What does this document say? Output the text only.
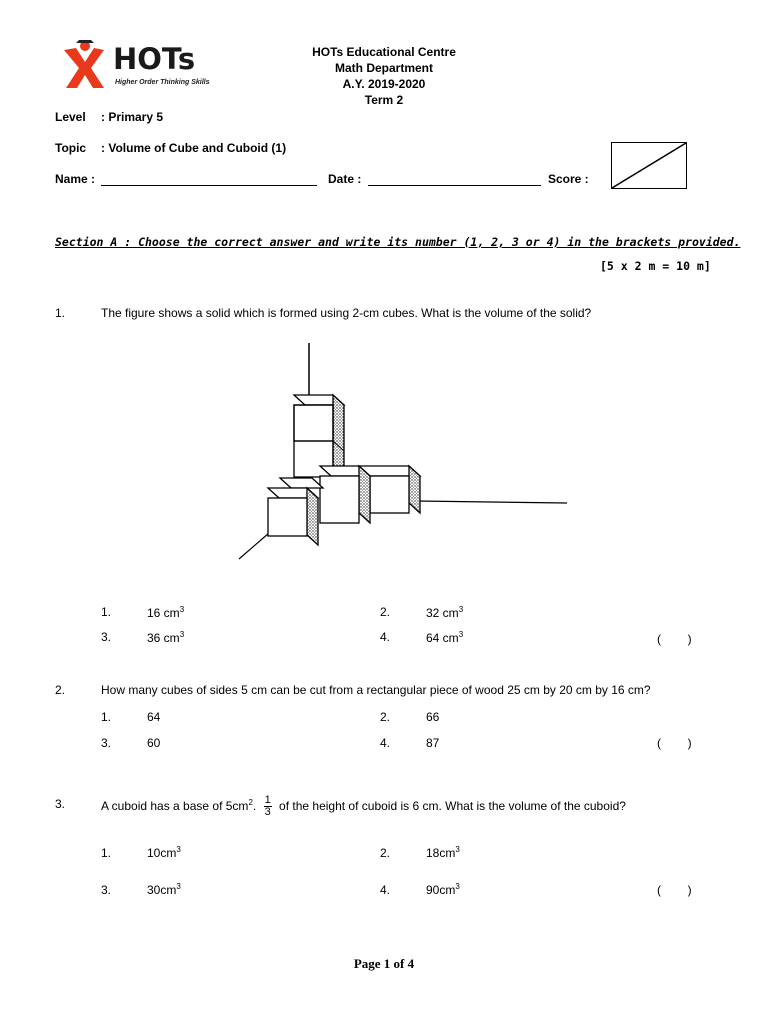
HOTs
Higher Order Thinking Skills
HOTs Educational Centre
Math Department
A.Y. 2019-2020
Term 2
Level : Primary 5
Topic : Volume of Cube and Cuboid (1)
Name :	Date :	Score :
Section A : Choose the correct answer and write its number (1, 2, 3 or 4) in the brackets provided.
[5 x 2 m = 10 m]
1.	The figure shows a solid which is formed using 2-cm cubes. What is the volume of the solid?
1.	16 $cm^3$	2.	32 $cm^3$
3.	36 $cm^3$	4.	64 $cm^3$	(        )
2.	How many cubes of sides 5 cm can be cut from a rectangular piece of wood 25 cm by 20 cm by 16 cm?
1.	64	2.	66
3.	60	4.	87	(        )
3.	A cuboid has a base of $5cm^2$. $\frac{1}{3}$ of the height of cuboid is 6 cm. What is the volume of the cuboid?
1.	$10cm^3$	2.	$18cm^3$
3.	$30cm^3$	4.	$90cm^3$	(        )
Page 1 of 4
